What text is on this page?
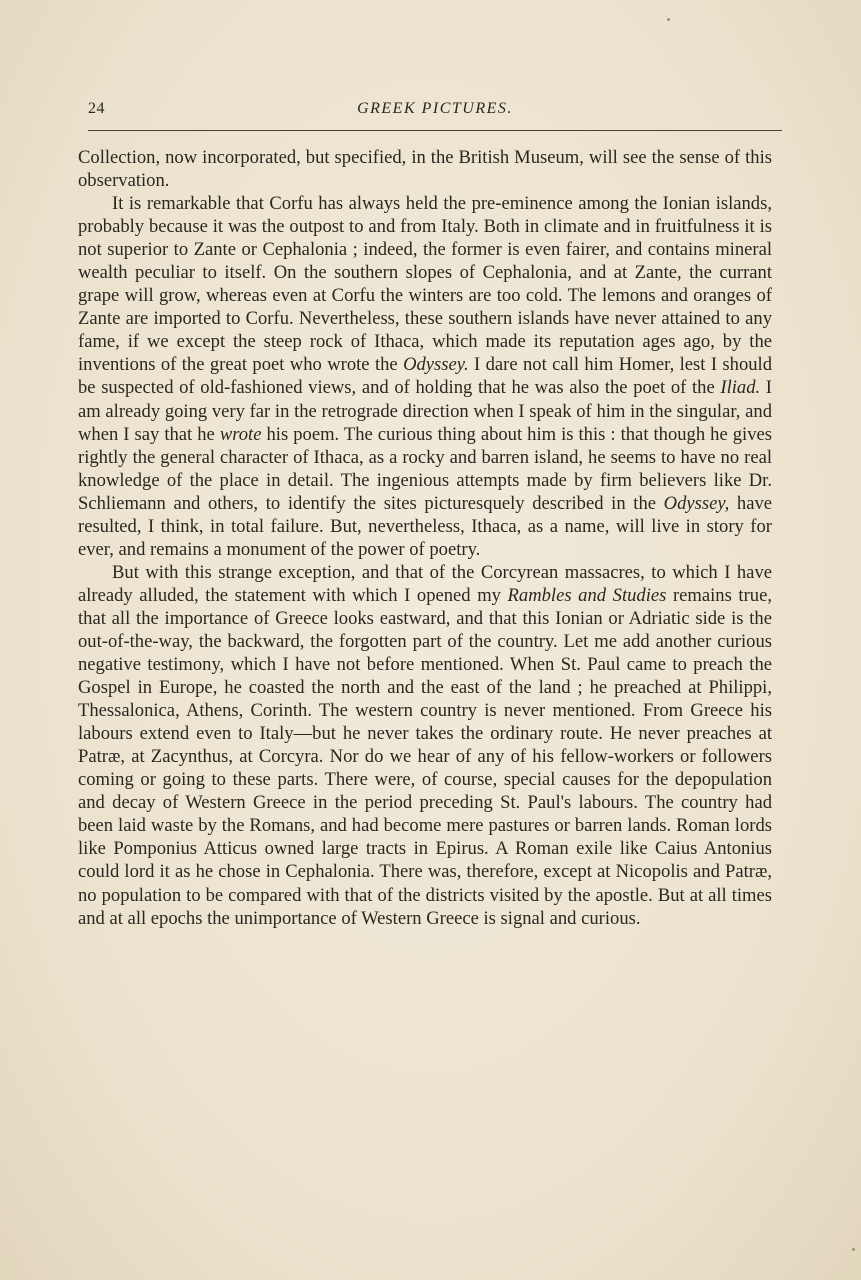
24	GREEK PICTURES.

Collection, now incorporated, but specified, in the British Museum, will see the sense of this observation.

It is remarkable that Corfu has always held the pre-eminence among the Ionian islands, probably because it was the outpost to and from Italy. Both in climate and in fruitfulness it is not superior to Zante or Cephalonia ; indeed, the former is even fairer, and contains mineral wealth peculiar to itself. On the southern slopes of Cephalonia, and at Zante, the currant grape will grow, whereas even at Corfu the winters are too cold. The lemons and oranges of Zante are imported to Corfu. Nevertheless, these southern islands have never attained to any fame, if we except the steep rock of Ithaca, which made its reputation ages ago, by the inventions of the great poet who wrote the Odyssey. I dare not call him Homer, lest I should be suspected of old-fashioned views, and of holding that he was also the poet of the Iliad. I am already going very far in the retrograde direction when I speak of him in the singular, and when I say that he wrote his poem. The curious thing about him is this : that though he gives rightly the general character of Ithaca, as a rocky and barren island, he seems to have no real knowledge of the place in detail. The ingenious attempts made by firm believers like Dr. Schliemann and others, to identify the sites picturesquely described in the Odyssey, have resulted, I think, in total failure. But, nevertheless, Ithaca, as a name, will live in story for ever, and remains a monument of the power of poetry.

But with this strange exception, and that of the Corcyrean massacres, to which I have already alluded, the statement with which I opened my Rambles and Studies remains true, that all the importance of Greece looks eastward, and that this Ionian or Adriatic side is the out-of-the-way, the backward, the forgotten part of the country. Let me add another curious negative testimony, which I have not before mentioned. When St. Paul came to preach the Gospel in Europe, he coasted the north and the east of the land ; he preached at Philippi, Thessalonica, Athens, Corinth. The western country is never mentioned. From Greece his labours extend even to Italy—but he never takes the ordinary route. He never preaches at Patræ, at Zacynthus, at Corcyra. Nor do we hear of any of his fellow-workers or followers coming or going to these parts. There were, of course, special causes for the depopulation and decay of Western Greece in the period preceding St. Paul's labours. The country had been laid waste by the Romans, and had become mere pastures or barren lands. Roman lords like Pomponius Atticus owned large tracts in Epirus. A Roman exile like Caius Antonius could lord it as he chose in Cephalonia. There was, therefore, except at Nicopolis and Patræ, no population to be compared with that of the districts visited by the apostle. But at all times and at all epochs the unimportance of Western Greece is signal and curious.
